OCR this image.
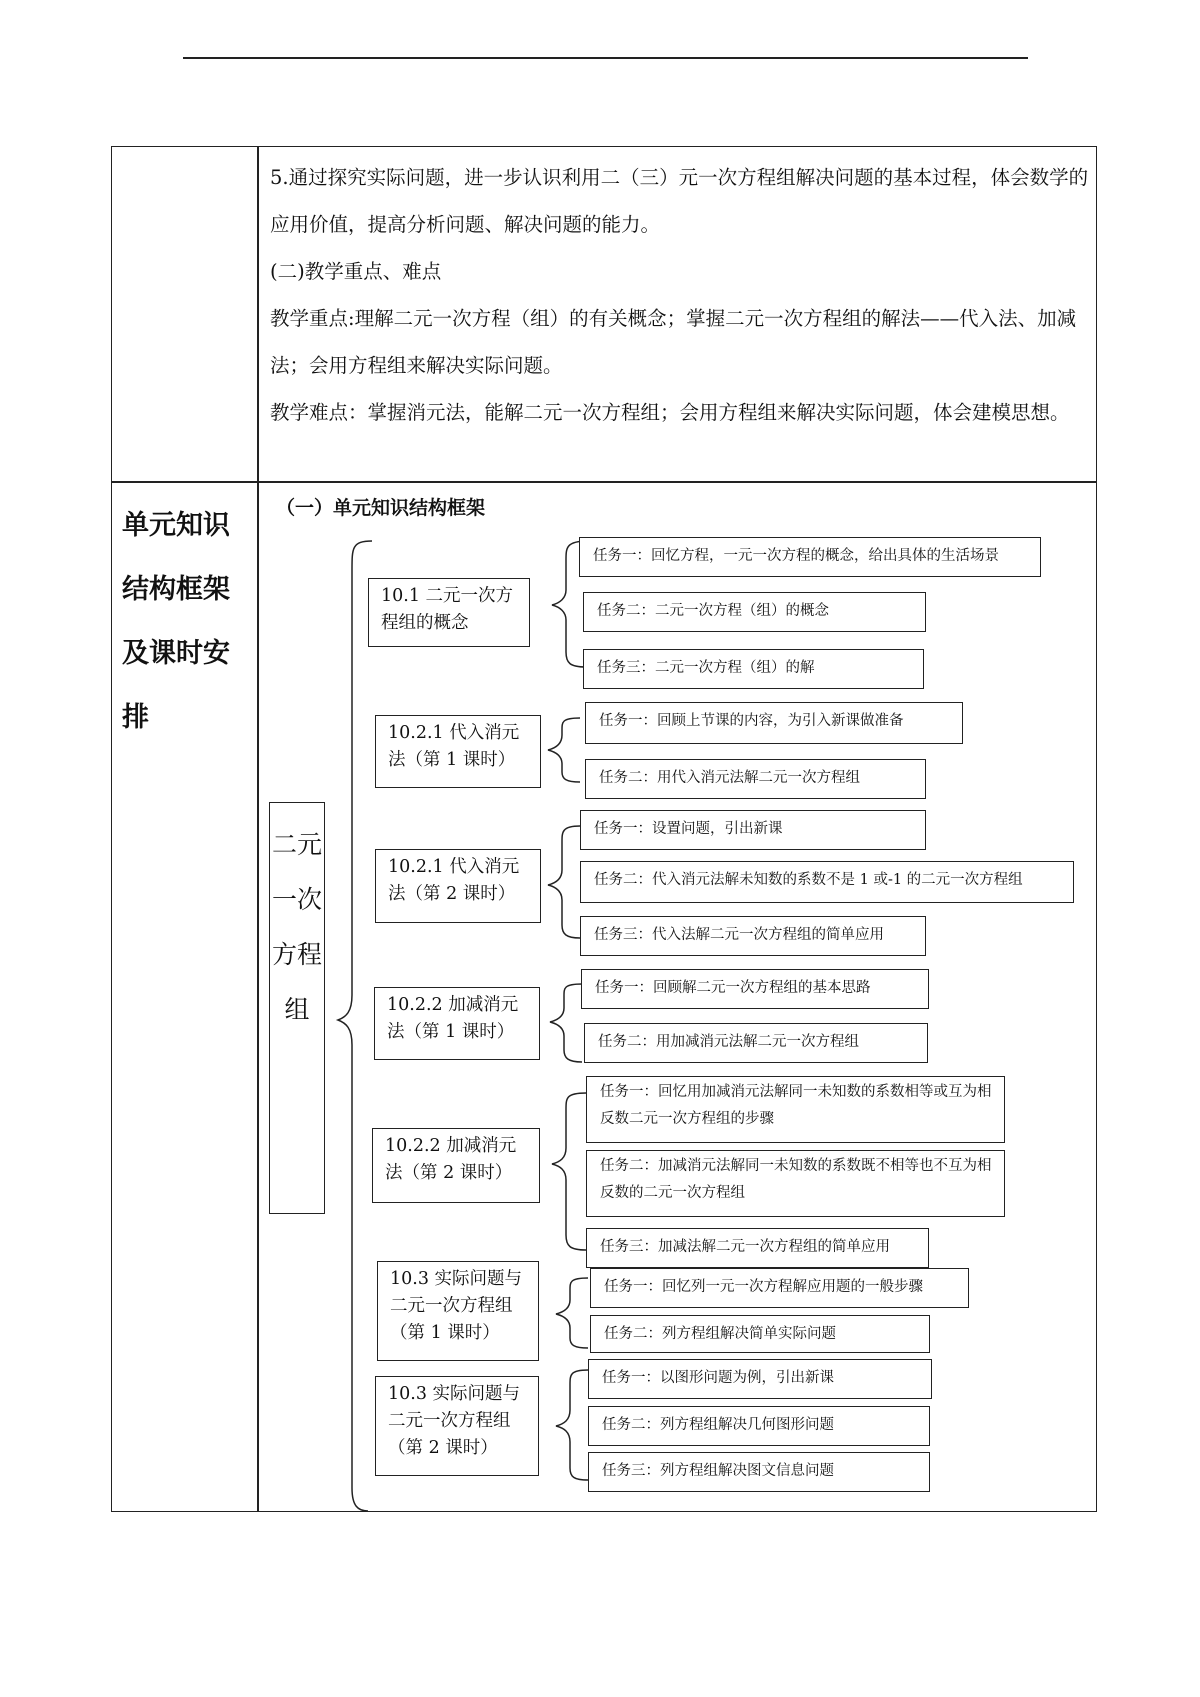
5.通过探究实际问题，进一步认识利用二（三）元一次方程组解决问题的基本过程，体会数学的应用价值，提高分析问题、解决问题的能力。

(二)教学重点、难点

教学重点:理解二元一次方程（组）的有关概念；掌握二元一次方程组的解法——代入法、加减法；会用方程组来解决实际问题。

教学难点：掌握消元法，能解二元一次方程组；会用方程组来解决实际问题，体会建模思想。

单元知识结构框架及课时安排
（一）单元知识结构框架
二元一次方程组
10.1 二元一次方程组的概念
任务一：回忆方程，一元一次方程的概念，给出具体的生活场景
任务二：二元一次方程（组）的概念
任务三：二元一次方程（组）的解
10.2.1 代入消元法（第 1 课时）
任务一：回顾上节课的内容，为引入新课做准备
任务二：用代入消元法解二元一次方程组
10.2.1 代入消元法（第 2 课时）
任务一：设置问题，引出新课
任务二：代入消元法解未知数的系数不是 1 或-1 的二元一次方程组
任务三：代入法解二元一次方程组的简单应用
10.2.2 加减消元法（第 1 课时）
任务一：回顾解二元一次方程组的基本思路
任务二：用加减消元法解二元一次方程组
10.2.2 加减消元法（第 2 课时）
任务一：回忆用加减消元法解同一未知数的系数相等或互为相反数二元一次方程组的步骤
任务二：加减消元法解同一未知数的系数既不相等也不互为相反数的二元一次方程组
任务三：加减法解二元一次方程组的简单应用
10.3 实际问题与二元一次方程组（第 1 课时）
任务一：回忆列一元一次方程解应用题的一般步骤
任务二：列方程组解决简单实际问题
10.3 实际问题与二元一次方程组（第 2 课时）
任务一：以图形问题为例，引出新课
任务二：列方程组解决几何图形问题
任务三：列方程组解决图文信息问题
